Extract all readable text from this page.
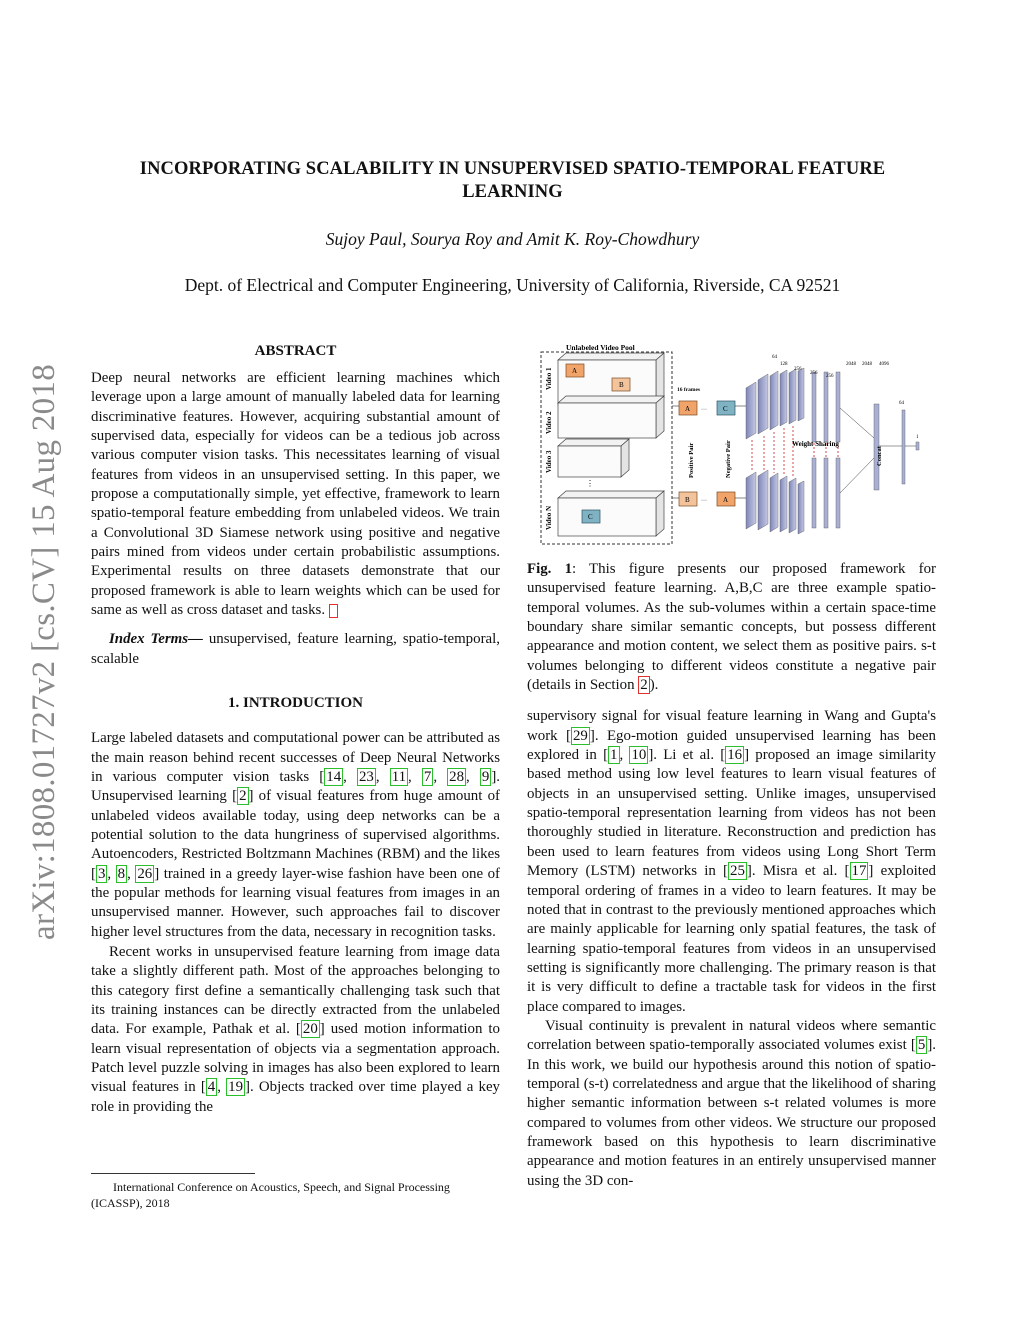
arXiv:1808.01727v2 [cs.CV] 15 Aug 2018
INCORPORATING SCALABILITY IN UNSUPERVISED SPATIO-TEMPORAL FEATURE LEARNING
Sujoy Paul, Sourya Roy and Amit K. Roy-Chowdhury
Dept. of Electrical and Computer Engineering, University of California, Riverside, CA 92521
ABSTRACT

Deep neural networks are efficient learning machines which leverage upon a large amount of manually labeled data for learning discriminative features. However, acquiring substantial amount of supervised data, especially for videos can be a tedious job across various computer vision tasks. This necessitates learning of visual features from videos in an unsupervised setting. In this paper, we propose a computationally simple, yet effective, framework to learn spatio-temporal feature embedding from unlabeled videos. We train a Convolutional 3D Siamese network using positive and negative pairs mined from videos under certain probabilistic assumptions. Experimental results on three datasets demonstrate that our proposed framework is able to learn weights which can be used for same as well as cross dataset and tasks.

Index Terms— unsupervised, feature learning, spatio-temporal, scalable

1. INTRODUCTION

Large labeled datasets and computational power can be attributed as the main reason behind recent successes of Deep Neural Networks in various computer vision tasks [ 14 , 23 , 11 , 7 , 28 , 9 ]. Unsupervised learning [ 2 ] of visual features from huge amount of unlabeled videos available today, using deep networks can be a potential solution to the data hungriness of supervised algorithms. Autoencoders, Restricted Boltzmann Machines (RBM) and the likes [ 3 , 8 , 26 ] trained in a greedy layer-wise fashion have been one of the popular methods for learning visual features from images in an unsupervised manner. However, such approaches fail to discover higher level structures from the data, necessary in recognition tasks.

Recent works in unsupervised feature learning from image data take a slightly different path. Most of the approaches belonging to this category first define a semantically challenging task such that its training instances can be directly extracted from the unlabeled data. For example, Pathak et al. [ 20 ] used motion information to learn visual representation of objects via a segmentation approach. Patch level puzzle solving in images has also been explored to learn visual features in [ 4 , 19 ]. Objects tracked over time played a key role in providing the

International Conference on Acoustics, Speech, and Signal Processing (ICASSP), 2018
Unlabeled Video Pool
A
B
Video 1
Video 2
Video 3
⋮
C
Video N
16 frames
A	C
B	A
···
···
Positive Pair	Negative Pair	Weight Sharing
Concat
64
128
256
256
256
2048 2048 4096
64
1

Fig. 1: This figure presents our proposed framework for unsupervised feature learning. A,B,C are three example spatio-temporal volumes. As the sub-volumes within a certain space-time boundary share similar semantic concepts, but possess different appearance and motion content, we select them as positive pairs. s-t volumes belonging to different videos constitute a negative pair (details in Section 2 ).

supervisory signal for visual feature learning in Wang and Gupta's work [ 29 ]. Ego-motion guided unsupervised learning has been explored in [ 1 , 10 ]. Li et al. [ 16 ] proposed an image similarity based method using low level features to learn visual features of objects in an unsupervised setting. Unlike images, unsupervised spatio-temporal representation learning from videos has not been thoroughly studied in literature. Reconstruction and prediction has been used to learn features from videos using Long Short Term Memory (LSTM) networks in [ 25 ]. Misra et al. [ 17 ] exploited temporal ordering of frames in a video to learn features. It may be noted that in contrast to the previously mentioned approaches which are mainly applicable for learning only spatial features, the task of learning spatio-temporal features from videos in an unsupervised setting is significantly more challenging. The primary reason is that it is very difficult to define a tractable task for videos in the first place compared to images.

Visual continuity is prevalent in natural videos where semantic correlation between spatio-temporally associated volumes exist [ 5 ]. In this work, we build our hypothesis around this notion of spatio-temporal (s-t) correlatedness and argue that the likelihood of sharing higher semantic information between s-t related volumes is more compared to volumes from other videos. We structure our proposed framework based on this hypothesis to learn discriminative appearance and motion features in an entirely unsupervised manner using the 3D con-
